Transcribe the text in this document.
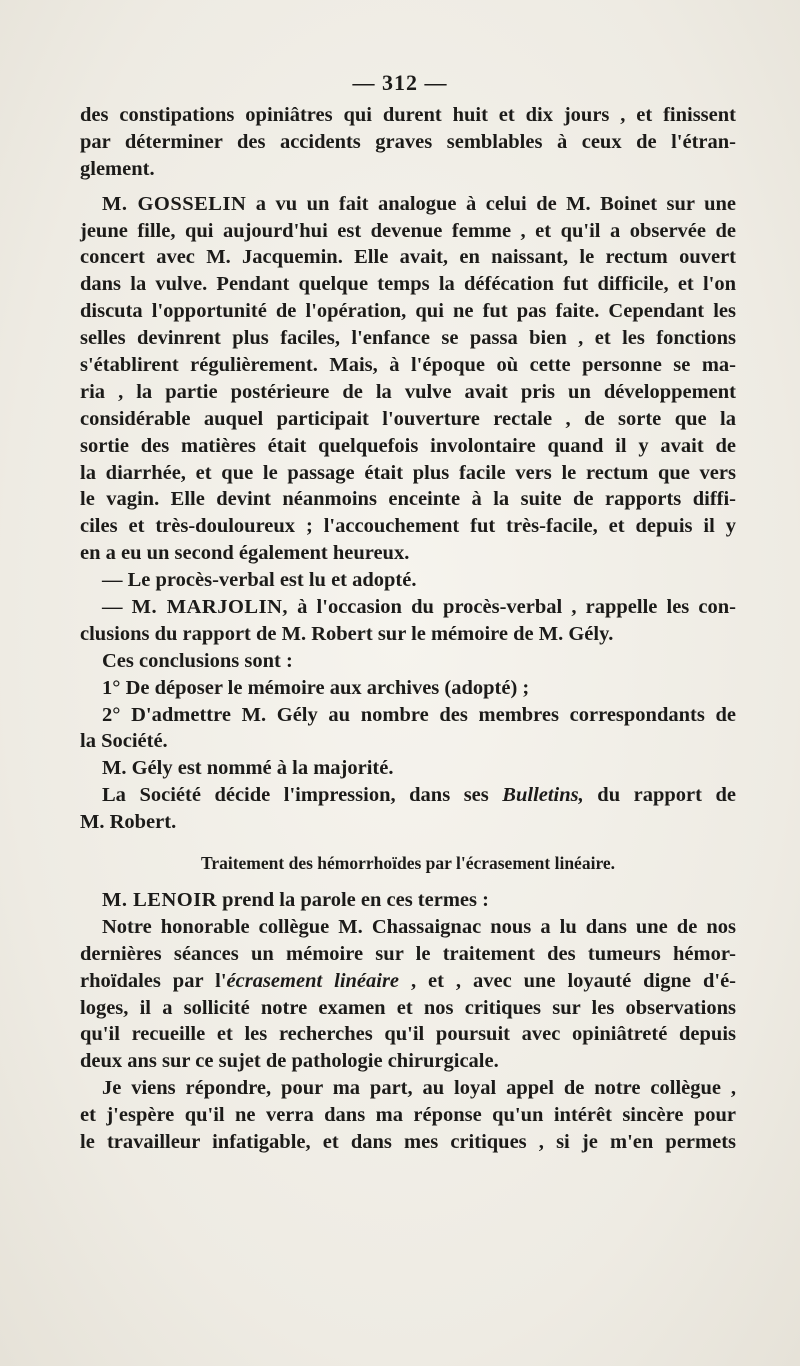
— 312 —
des constipations opiniâtres qui durent huit et dix jours , et finissent
par déterminer des accidents graves semblables à ceux de l'étran-
glement.
M. GOSSELIN a vu un fait analogue à celui de M. Boinet sur une
jeune fille, qui aujourd'hui est devenue femme , et qu'il a observée de
concert avec M. Jacquemin. Elle avait, en naissant, le rectum ouvert
dans la vulve. Pendant quelque temps la défécation fut difficile, et l'on
discuta l'opportunité de l'opération, qui ne fut pas faite. Cependant les
selles devinrent plus faciles, l'enfance se passa bien , et les fonctions
s'établirent régulièrement. Mais, à l'époque où cette personne se ma-
ria , la partie postérieure de la vulve avait pris un développement
considérable auquel participait l'ouverture rectale , de sorte que la
sortie des matières était quelquefois involontaire quand il y avait de
la diarrhée, et que le passage était plus facile vers le rectum que vers
le vagin. Elle devint néanmoins enceinte à la suite de rapports diffi-
ciles et très-douloureux ; l'accouchement fut très-facile, et depuis il y
en a eu un second également heureux.
— Le procès-verbal est lu et adopté.
— M. MARJOLIN, à l'occasion du procès-verbal , rappelle les con-
clusions du rapport de M. Robert sur le mémoire de M. Gély.
Ces conclusions sont :
1° De déposer le mémoire aux archives (adopté) ;
2° D'admettre M. Gély au nombre des membres correspondants de
la Société.
M. Gély est nommé à la majorité.
La Société décide l'impression, dans ses Bulletins, du rapport de
M. Robert.
Traitement des hémorrhoïdes par l'écrasement linéaire.
M. LENOIR prend la parole en ces termes :
Notre honorable collègue M. Chassaignac nous a lu dans une de nos
dernières séances un mémoire sur le traitement des tumeurs hémor-
rhoïdales par l'écrasement linéaire , et , avec une loyauté digne d'é-
loges, il a sollicité notre examen et nos critiques sur les observations
qu'il recueille et les recherches qu'il poursuit avec opiniâtreté depuis
deux ans sur ce sujet de pathologie chirurgicale.
Je viens répondre, pour ma part, au loyal appel de notre collègue ,
et j'espère qu'il ne verra dans ma réponse qu'un intérêt sincère pour
le travailleur infatigable, et dans mes critiques , si je m'en permets
